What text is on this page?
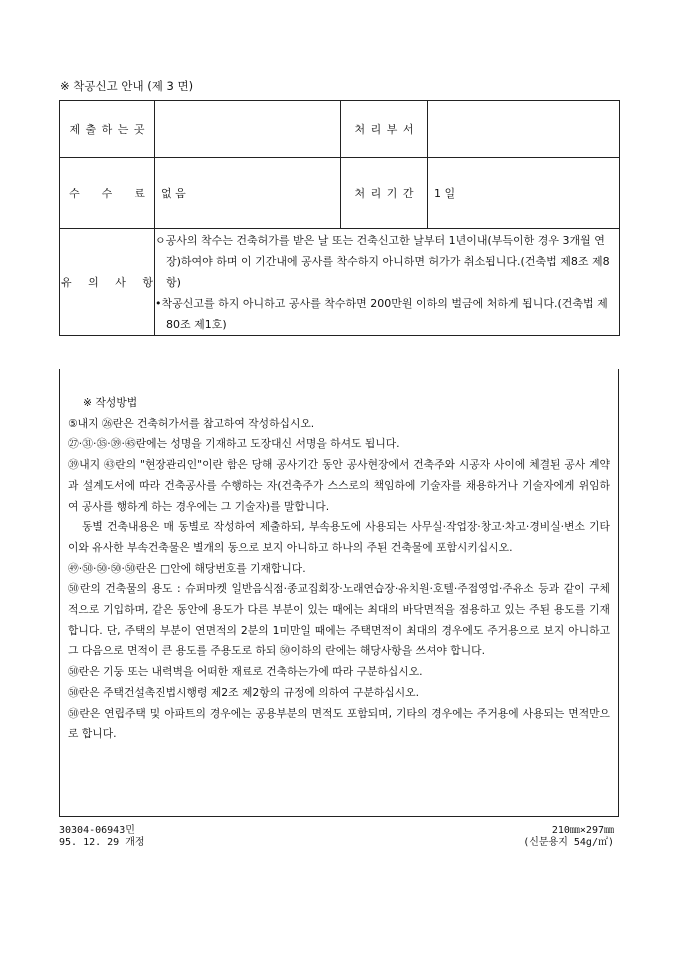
※ 착공신고 안내 (제 3 면)
제 출 하 는 곳		처 리 부 서	
수    수    료	없 음	처 리 기 간	1 일
유   의   사   항	ㅇ공사의 착수는 건축허가를 받은 날 또는 건축신고한 날부터 1년이내(부득이한 경우 3개월 연장)하여야 하며 이 기간내에 공사를 착수하지 아니하면 허가가 취소됩니다.(건축법 제8조 제8항)
•착공신고를 하지 아니하고 공사를 착수하면 200만원 이하의 벌금에 처하게 됩니다.(건축법 제80조 제1호)		

※ 작성방법

⑤내지 ㉖란은 건축허가서를 참고하여 작성하십시오.

㉗·㉛·㉟·㊴·㊺란에는 성명을 기재하고 도장대신 서명을 하셔도 됩니다.

㊴내지 ㊸란의 "현장관리인"이란 함은 당해 공사기간 동안 공사현장에서 건축주와 시공자 사이에 체결된 공사 계약과 설계도서에 따라 건축공사를 수행하는 자(건축주가 스스로의 책임하에 기술자를 채용하거나 기술자에게 위임하여 공사를 행하게 하는 경우에는 그 기술자)를 말합니다.

동별 건축내용은 매 동별로 작성하여 제출하되, 부속용도에 사용되는 사무실·작업장·창고·차고·경비실·변소 기타 이와 유사한 부속건축물은 별개의 동으로 보지 아니하고 하나의 주된 건축물에 포함시키십시오.

㊾·㊿·㊿·㊿·㊿란은 □안에 해당번호를 기재합니다.

㊿란의 건축물의 용도 : 슈퍼마켓 일반음식점·종교집회장·노래연습장·유치원·호텔·주접영업·주유소 등과 같이 구체적으로 기입하며, 같은 동안에 용도가 다른 부분이 있는 때에는 최대의 바닥면적을 점용하고 있는 주된 용도를 기재합니다. 단, 주택의 부분이 연면적의 2분의 1미만일 때에는 주택면적이 최대의 경우에도 주거용으로 보지 아니하고 그 다음으로 면적이 큰 용도를 주용도로 하되 ㊿이하의 란에는 해당사항을 쓰셔야 합니다.

㊿란은 기둥 또는 내력벽을 어떠한 재료로 건축하는가에 따라 구분하십시오.

㊿란은 주택건설촉진법시행령 제2조 제2항의 규정에 의하여 구분하십시오.

㊿란은 연립주택 및 아파트의 경우에는 공용부분의 면적도 포함되며, 기타의 경우에는 주거용에 사용되는 면적만으로 합니다.

30304-06943민
95. 12. 29 개정
210㎜×297㎜
(신문용지 54g/㎡)
